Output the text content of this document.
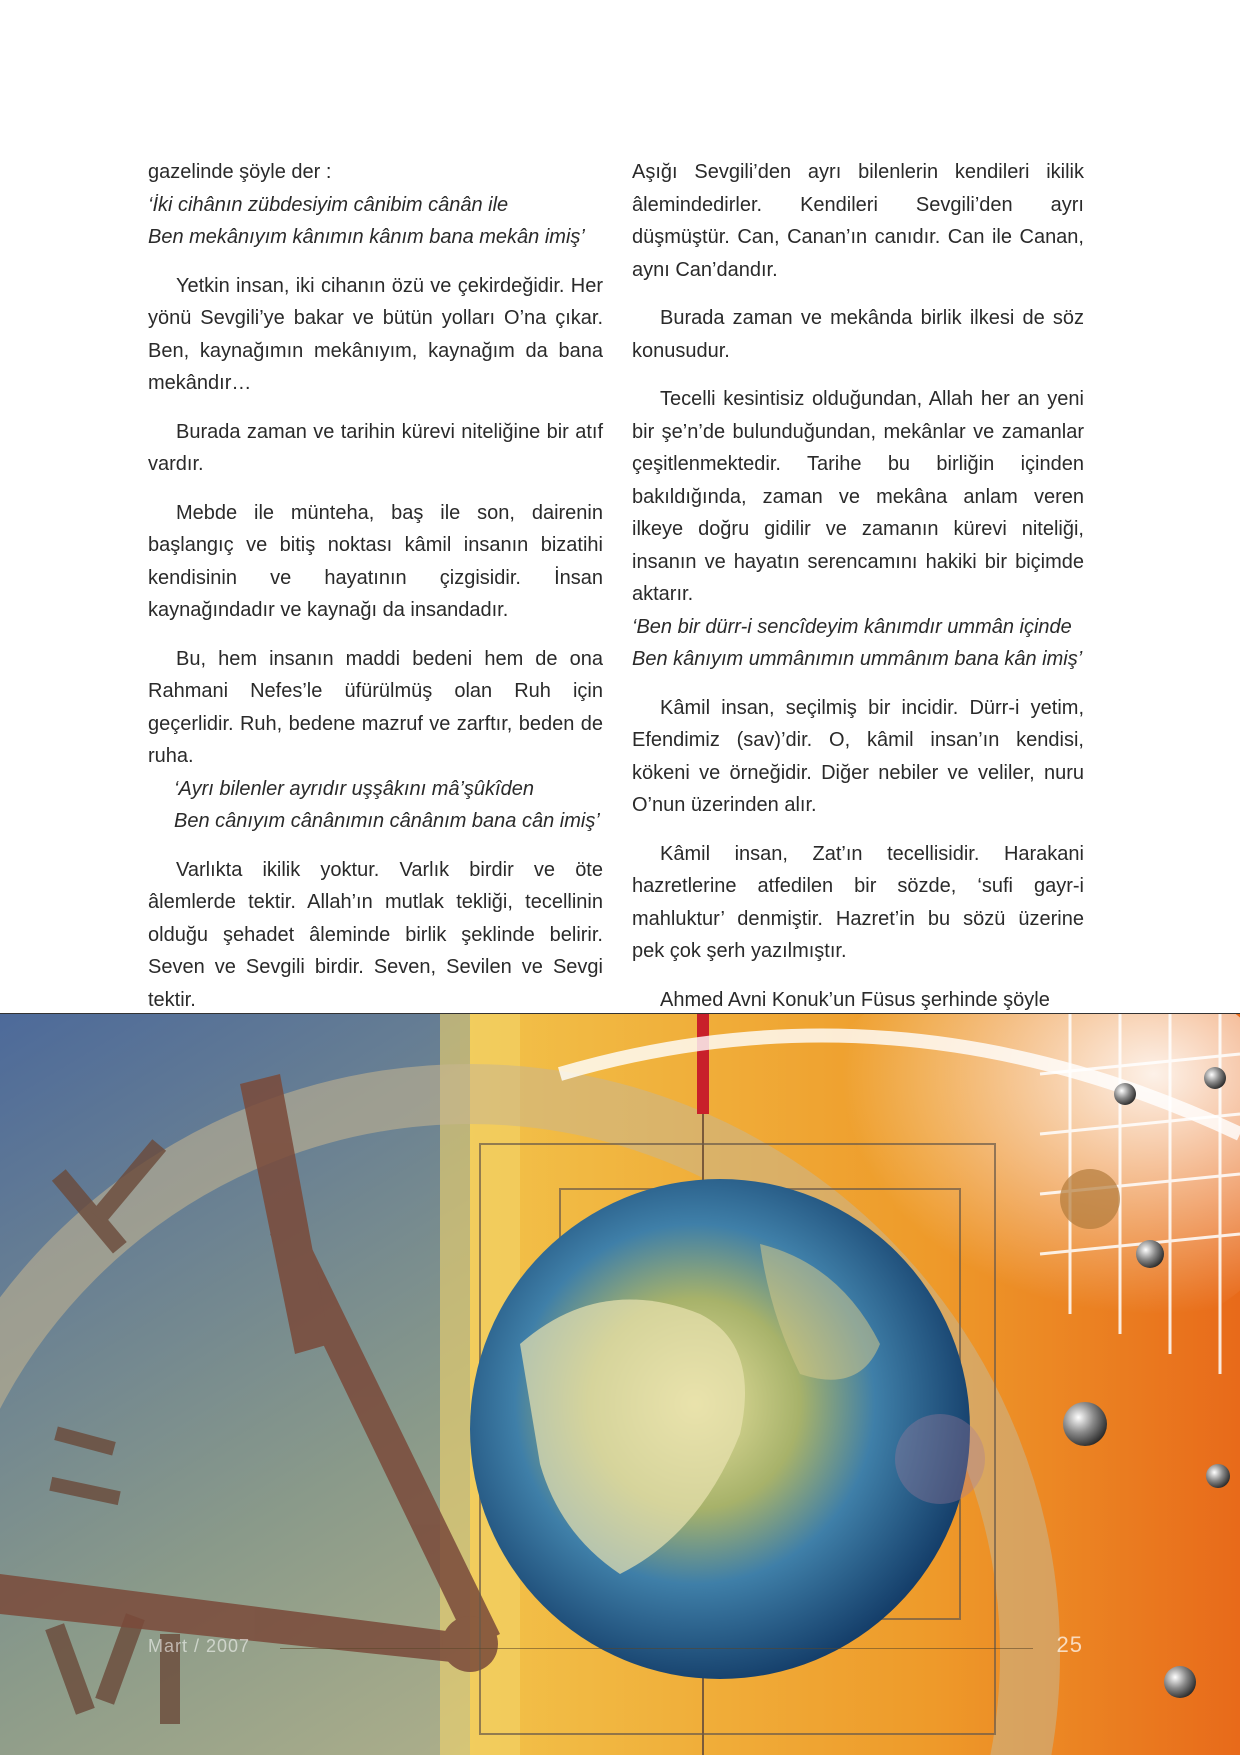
gazelinde şöyle der :

‘İki cihânın zübdesiyim cânibim cânân ile
Ben mekânıyım kânımın kânım bana mekân imiş’

Yetkin insan, iki cihanın özü ve çekirdeğidir. Her yönü Sevgili’ye bakar ve bütün yolları O’na çıkar. Ben, kaynağımın mekânıyım, kaynağım da bana mekândır…

Burada zaman ve tarihin kürevi niteliğine bir atıf vardır.

Mebde ile münteha, baş ile son, dairenin başlangıç ve bitiş noktası kâmil insanın bizatihi kendisinin ve hayatının çizgisidir. İnsan kaynağındadır ve kaynağı da insandadır.

Bu, hem insanın maddi bedeni hem de ona Rahmani Nefes’le üfürülmüş olan Ruh için geçerlidir. Ruh, bedene mazruf ve zarftır, beden de ruha.

‘Ayrı bilenler ayrıdır uşşâkını mâ’şûkîden
Ben cânıyım cânânımın cânânım bana cân imiş’

Varlıkta ikilik yoktur. Varlık birdir ve öte âlemlerde tektir. Allah’ın mutlak tekliği, tecellinin olduğu şehadet âleminde birlik şeklinde belirir. Seven ve Sevgili birdir. Seven, Sevilen ve Sevgi tektir.

Aşığı Sevgili’den ayrı bilenlerin kendileri ikilik âlemindedirler. Kendileri Sevgili’den ayrı düşmüştür. Can, Canan’ın canıdır. Can ile Canan, aynı Can’dandır.

Burada zaman ve mekânda birlik ilkesi de söz konusudur.

Tecelli kesintisiz olduğundan, Allah her an yeni bir şe’n’de bulunduğundan, mekânlar ve zamanlar çeşitlenmektedir. Tarihe bu birliğin içinden bakıldığında, zaman ve mekâna anlam veren ilkeye doğru gidilir ve zamanın kürevi niteliği, insanın ve hayatın serencamını hakiki bir biçimde aktarır.

‘Ben bir dürr-i sencîdeyim kânımdır ummân içinde
Ben kânıyım ummânımın ummânım bana kân imiş’

Kâmil insan, seçilmiş bir incidir. Dürr-i yetim, Efendimiz (sav)’dir. O, kâmil insan’ın kendisi, kökeni ve örneğidir. Diğer nebiler ve veliler, nuru O’nun üzerinden alır.

Kâmil insan, Zat’ın tecellisidir. Harakani hazretlerine atfedilen bir sözde, ‘sufi gayr-i mahluktur’ denmiştir. Hazret’in bu sözü üzerine pek çok şerh yazılmıştır.

Ahmed Avni Konuk’un Füsus şerhinde şöyle

Mart / 2007	25
